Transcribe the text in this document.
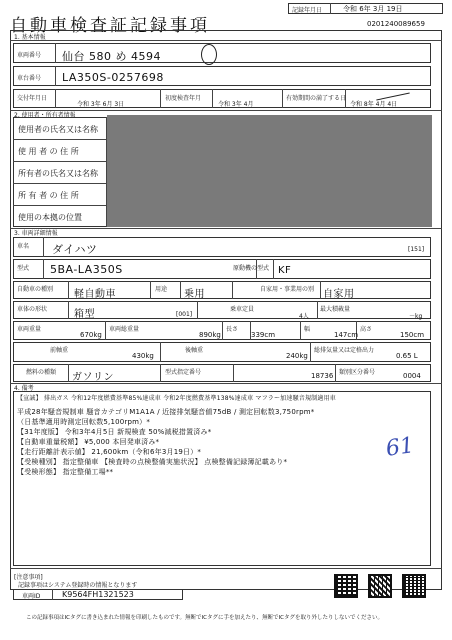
自動車検査証記録事項
記録年月日	令和 6年 3月 19日
0201240089659
1. 基本情報
車両番号 仙台 580 め 4594
車台番号 LA350S-0257698
交付年月日
令和 3年 6月 3日
初度検査年月
令和 3年 4月
有効期間の満了する日
令和 8年 4月 4日
2. 使用者・所有者情報
使用者の氏名又は名称
使 用 者 の 住 所
所有者の氏名又は名称
所 有 者 の 住 所
使用の本拠の位置
3. 車両詳細情報
車名 ダイハツ	[151]
型式 5BA-LA350S	原動機の型式 KF
自動車の種別 軽自動車	用途 乗用	自家用・事業用の別 自家用
車体の形状	箱型	[001]
乗車定員
4人
最大積載量
－kg
車両重量
670kg
車両総重量
890kg
長さ
339cm
幅
147cm
高さ
150cm
前軸重
430kg
後軸重
240kg
総排気量又は定格出力
0.65 L
燃料の種類 ガソリン	型式指定番号	18736 類別区分番号	0004
4. 備考
【宣誠】 排出ガス 令和12年度燃費基準85%達成車 令和2年度燃費基準138%達成車 マフラー加速騒音規制適用車
平成28年騒音規制車 騒音カテゴリM1A1A / 近接排気騒音値75dB / 測定回転数3,750rpm*
（日基準適用時測定回転数5,100rpm）*
【31年度版】 令和3年4月5日 新規検査 50%減税措置済み*
【自動車重量税額】 ¥5,000 本回発車済み*
【走行距離計表示値】 21,600km（令和6年3月19日）*
【受検種別】 指定整備車 【検査時の点検整備実施状況】 点検整備記録簿記載あり*
【受検形態】 指定整備工場**
61
[注意事項]
記録事項はシステム登録時の情報となります
車両ID	K9564FH1321523
この記録事項はICタグに書き込まれた情報を印刷したものです。無断でICタグに手を加えたり、無断でICタグを取り外したりしないでください。
